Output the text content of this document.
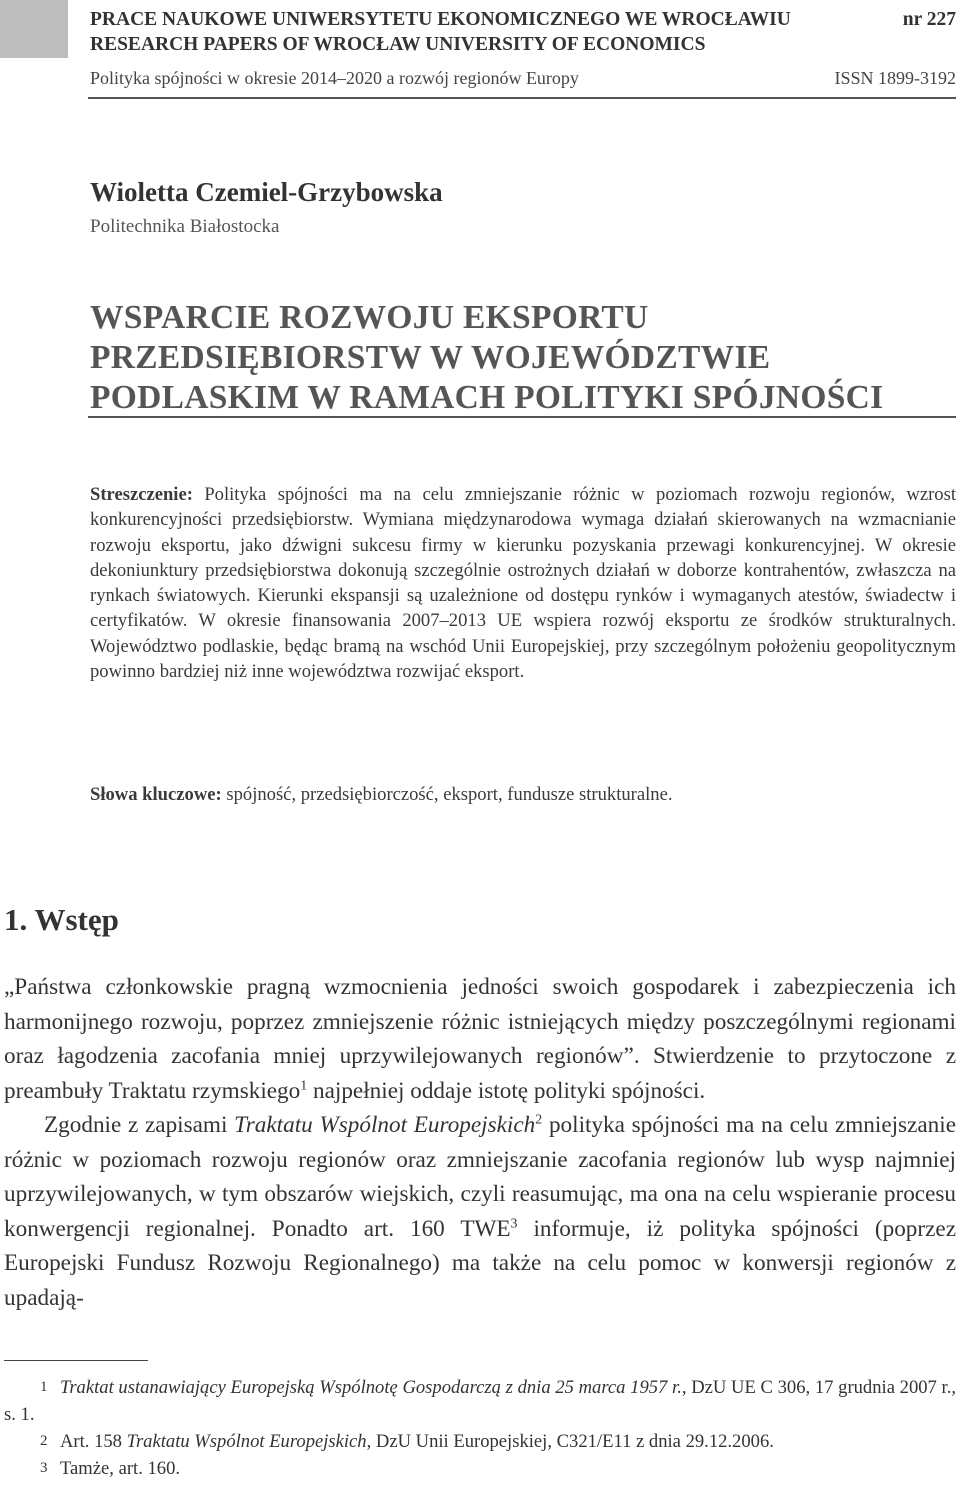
PRACE NAUKOWE UNIWERSYTETU EKONOMICZNEGO WE WROCŁAWIU	nr 227
RESEARCH PAPERS OF WROCŁAW UNIVERSITY OF ECONOMICS
Polityka spójności w okresie 2014–2020 a rozwój regionów Europy	ISSN 1899-3192
Wioletta Czemiel-Grzybowska
Politechnika Białostocka
WSPARCIE ROZWOJU EKSPORTU
PRZEDSIĘBIORSTW W WOJEWÓDZTWIE
PODLASKIM W RAMACH POLITYKI SPÓJNOŚCI
Streszczenie: Polityka spójności ma na celu zmniejszanie różnic w poziomach rozwoju regionów, wzrost konkurencyjności przedsiębiorstw. Wymiana międzynarodowa wymaga działań skierowanych na wzmacnianie rozwoju eksportu, jako dźwigni sukcesu firmy w kierunku pozyskania przewagi konkurencyjnej. W okresie dekoniunktury przedsiębiorstwa dokonują szczególnie ostrożnych działań w doborze kontrahentów, zwłaszcza na rynkach światowych. Kierunki ekspansji są uzależnione od dostępu rynków i wymaganych atestów, świadectw i certyfikatów. W okresie finansowania 2007–2013 UE wspiera rozwój eksportu ze środków strukturalnych. Województwo podlaskie, będąc bramą na wschód Unii Europejskiej, przy szczególnym położeniu geopolitycznym powinno bardziej niż inne województwa rozwijać eksport.
Słowa kluczowe: spójność, przedsiębiorczość, eksport, fundusze strukturalne.
1. Wstęp

„Państwa członkowskie pragną wzmocnienia jedności swoich gospodarek i zabezpieczenia ich harmonijnego rozwoju, poprzez zmniejszenie różnic istniejących między poszczególnymi regionami oraz łagodzenia zacofania mniej uprzywilejowanych regionów”. Stwierdzenie to przytoczone z preambuły Traktatu rzymskiego$^1$ najpełniej oddaje istotę polityki spójności.

Zgodnie z zapisami Traktatu Wspólnot Europejskich$^2$ polityka spójności ma na celu zmniejszanie różnic w poziomach rozwoju regionów oraz zmniejszanie zacofania regionów lub wysp najmniej uprzywilejowanych, w tym obszarów wiejskich, czyli reasumując, ma ona na celu wspieranie procesu konwergencji regionalnej. Ponadto art. 160 TWE$^3$ informuje, iż polityka spójności (poprzez Europejski Fundusz Rozwoju Regionalnego) ma także na celu pomoc w konwersji regionów z upadają-

1 Traktat ustanawiający Europejską Wspólnotę Gospodarczą z dnia 25 marca 1957 r., DzU UE C 306, 17 grudnia 2007 r., s. 1.

2 Art. 158 Traktatu Wspólnot Europejskich, DzU Unii Europejskiej, C321/E11 z dnia 29.12.2006.

3 Tamże, art. 160.
